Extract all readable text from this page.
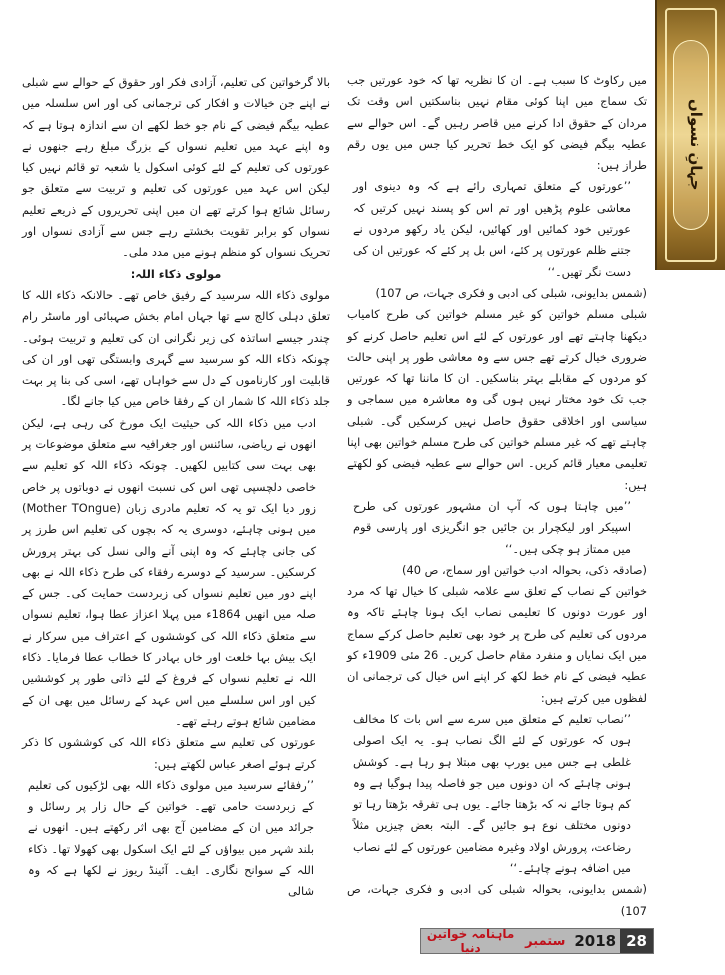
جہانِ نسواں

میں رکاوٹ کا سبب ہے۔ ان کا نظریہ تھا کہ خود عورتیں جب تک سماج میں اپنا کوئی مقام نہیں بناسکتیں اس وقت تک مردان کے حقوق ادا کرنے میں قاصر رہیں گے۔ اس حوالے سے عطیہ بیگم فیضی کو ایک خط تحریر کیا جس میں یوں رقم طراز ہیں:

’’عورتوں کے متعلق تمہاری رائے ہے کہ وہ دینوی اور معاشی علوم پڑھیں اور تم اس کو پسند نہیں کرتیں کہ عورتیں خود کمائیں اور کھائیں، لیکن یاد رکھو مردوں نے جتنے ظلم عورتوں پر کئے، اس بل پر کئے کہ عورتیں ان کی دست نگر تھیں۔‘‘

(شمس بدایونی، شبلی کی ادبی و فکری جہات، ص 107)

شبلی مسلم خواتین کو غیر مسلم خواتین کی طرح کامیاب دیکھنا چاہتے تھے اور عورتوں کے لئے اس تعلیم حاصل کرنے کو ضروری خیال کرتے تھے جس سے وہ معاشی طور پر اپنی حالت کو مردوں کے مقابلے بہتر بناسکیں۔ ان کا ماننا تھا کہ عورتیں جب تک خود مختار نہیں ہوں گی وہ معاشرہ میں سماجی و سیاسی اور اخلاقی حقوق حاصل نہیں کرسکیں گی۔ شبلی چاہتے تھے کہ غیر مسلم خواتین کی طرح مسلم خواتین بھی اپنا تعلیمی معیار قائم کریں۔ اس حوالے سے عطیہ فیضی کو لکھتے ہیں:

’’میں چاہتا ہوں کہ آپ ان مشہور عورتوں کی طرح اسپیکر اور لیکچرار بن جائیں جو انگریزی اور پارسی قوم میں ممتاز ہو چکی ہیں۔‘‘

(صادقہ ذکی، بحوالہ ادب خواتین اور سماج، ص 40)

خواتین کے نصاب کے تعلق سے علامہ شبلی کا خیال تھا کہ مرد اور عورت دونوں کا تعلیمی نصاب ایک ہونا چاہئے تاکہ وہ مردوں کی تعلیم کی طرح پر خود بھی تعلیم حاصل کرکے سماج میں ایک نمایاں و منفرد مقام حاصل کریں۔ 26 مئی 1909ء کو عطیہ فیضی کے نام خط لکھ کر اپنے اس خیال کی ترجمانی ان لفظوں میں کرتے ہیں:

’’نصاب تعلیم کے متعلق میں سرے سے اس بات کا مخالف ہوں کہ عورتوں کے لئے الگ نصاب ہو۔ یہ ایک اصولی غلطی ہے جس میں یورپ بھی مبتلا ہو رہا ہے۔ کوشش ہونی چاہئے کہ ان دونوں میں جو فاصلہ پیدا ہوگیا ہے وہ کم ہوتا جائے نہ کہ بڑھتا جائے۔ یوں ہی تفرقہ بڑھتا رہا تو دونوں مختلف نوع ہو جائیں گے۔ البتہ بعض چیزیں مثلاً رضاعت، پرورش اولاد وغیرہ مضامین عورتوں کے لئے نصاب میں اضافہ ہونے چاہئے۔‘‘

(شمس بدایونی، بحوالہ شبلی کی ادبی و فکری جہات، ص 107)

بالا گرخواتین کی تعلیم، آزادی فکر اور حقوق کے حوالے سے شبلی نے اپنے جن خیالات و افکار کی ترجمانی کی اور اس سلسلہ میں عطیہ بیگم فیضی کے نام جو خط لکھے ان سے اندازہ ہوتا ہے کہ وہ اپنے عہد میں تعلیم نسواں کے بزرگ مبلغ رہے جنھوں نے عورتوں کی تعلیم کے لئے کوئی اسکول یا شعبہ تو قائم نہیں کیا لیکن اس عہد میں عورتوں کی تعلیم و تربیت سے متعلق جو رسائل شائع ہوا کرتے تھے ان میں اپنی تحریروں کے ذریعے تعلیم نسواں کو برابر تقویت بخشتے رہے جس سے آزادی نسواں اور تحریک نسواں کو منظم ہونے میں مدد ملی۔

مولوی ذکاء اللہ:

مولوی ذکاء اللہ سرسید کے رفیق خاص تھے۔ حالانکہ ذکاء اللہ کا تعلق دہلی کالج سے تھا جہاں امام بخش صہبائی اور ماسٹر رام چندر جیسے اساتذہ کی زیر نگرانی ان کی تعلیم و تربیت ہوئی۔ چونکہ ذکاء اللہ کو سرسید سے گہری وابستگی تھی اور ان کی قابلیت اور کارناموں کے دل سے خواہاں تھے، اسی کی بنا پر بہت جلد ذکاء اللہ کا شمار ان کے رفقا خاص میں کیا جانے لگا۔

ادب میں ذکاء اللہ کی حیثیت ایک مورخ کی رہی ہے، لیکن انھوں نے ریاضی، سائنس اور جغرافیہ سے متعلق موضوعات پر بھی بہت سی کتابیں لکھیں۔ چونکہ ذکاء اللہ کو تعلیم سے خاصی دلچسپی تھی اس کی نسبت انھوں نے دوباتوں پر خاص زور دیا ایک تو یہ کہ تعلیم مادری زبان (Mother TOngue) میں ہونی چاہئے، دوسری یہ کہ بچوں کی تعلیم اس طرز پر کی جانی چاہئے کہ وہ اپنی آنے والی نسل کی بہتر پرورش کرسکیں۔ سرسید کے دوسرے رفقاء کی طرح ذکاء اللہ نے بھی اپنے دور میں تعلیم نسواں کی زبردست حمایت کی۔ جس کے صلہ میں انھیں 1864ء میں پہلا اعزاز عطا ہوا، تعلیم نسواں سے متعلق ذکاء اللہ کی کوششوں کے اعتراف میں سرکار نے ایک بیش بہا خلعت اور خاں بہادر کا خطاب عطا فرمایا۔ ذکاء اللہ نے تعلیم نسواں کے فروغ کے لئے ذاتی طور پر کوششیں کیں اور اس سلسلے میں اس عہد کے رسائل میں بھی ان کے مضامین شائع ہوتے رہتے تھے۔

عورتوں کی تعلیم سے متعلق ذکاء اللہ کی کوششوں کا ذکر کرتے ہوئے اصغر عباس لکھتے ہیں:

’’رفقائے سرسید میں مولوی ذکاء اللہ بھی لڑکیوں کی تعلیم کے زبردست حامی تھے۔ خواتین کے حال زار پر رسائل و جرائد میں ان کے مضامین آج بھی اثر رکھتے ہیں۔ انھوں نے بلند شہر میں بیواؤں کے لئے ایک اسکول بھی کھولا تھا۔ ذکاء اللہ کے سوانح نگاری۔ ایف۔ آئینڈ ریوز نے لکھا ہے کہ وہ شالی

28
2018
ستمبر
ماہنامہ خواتین دنیا
